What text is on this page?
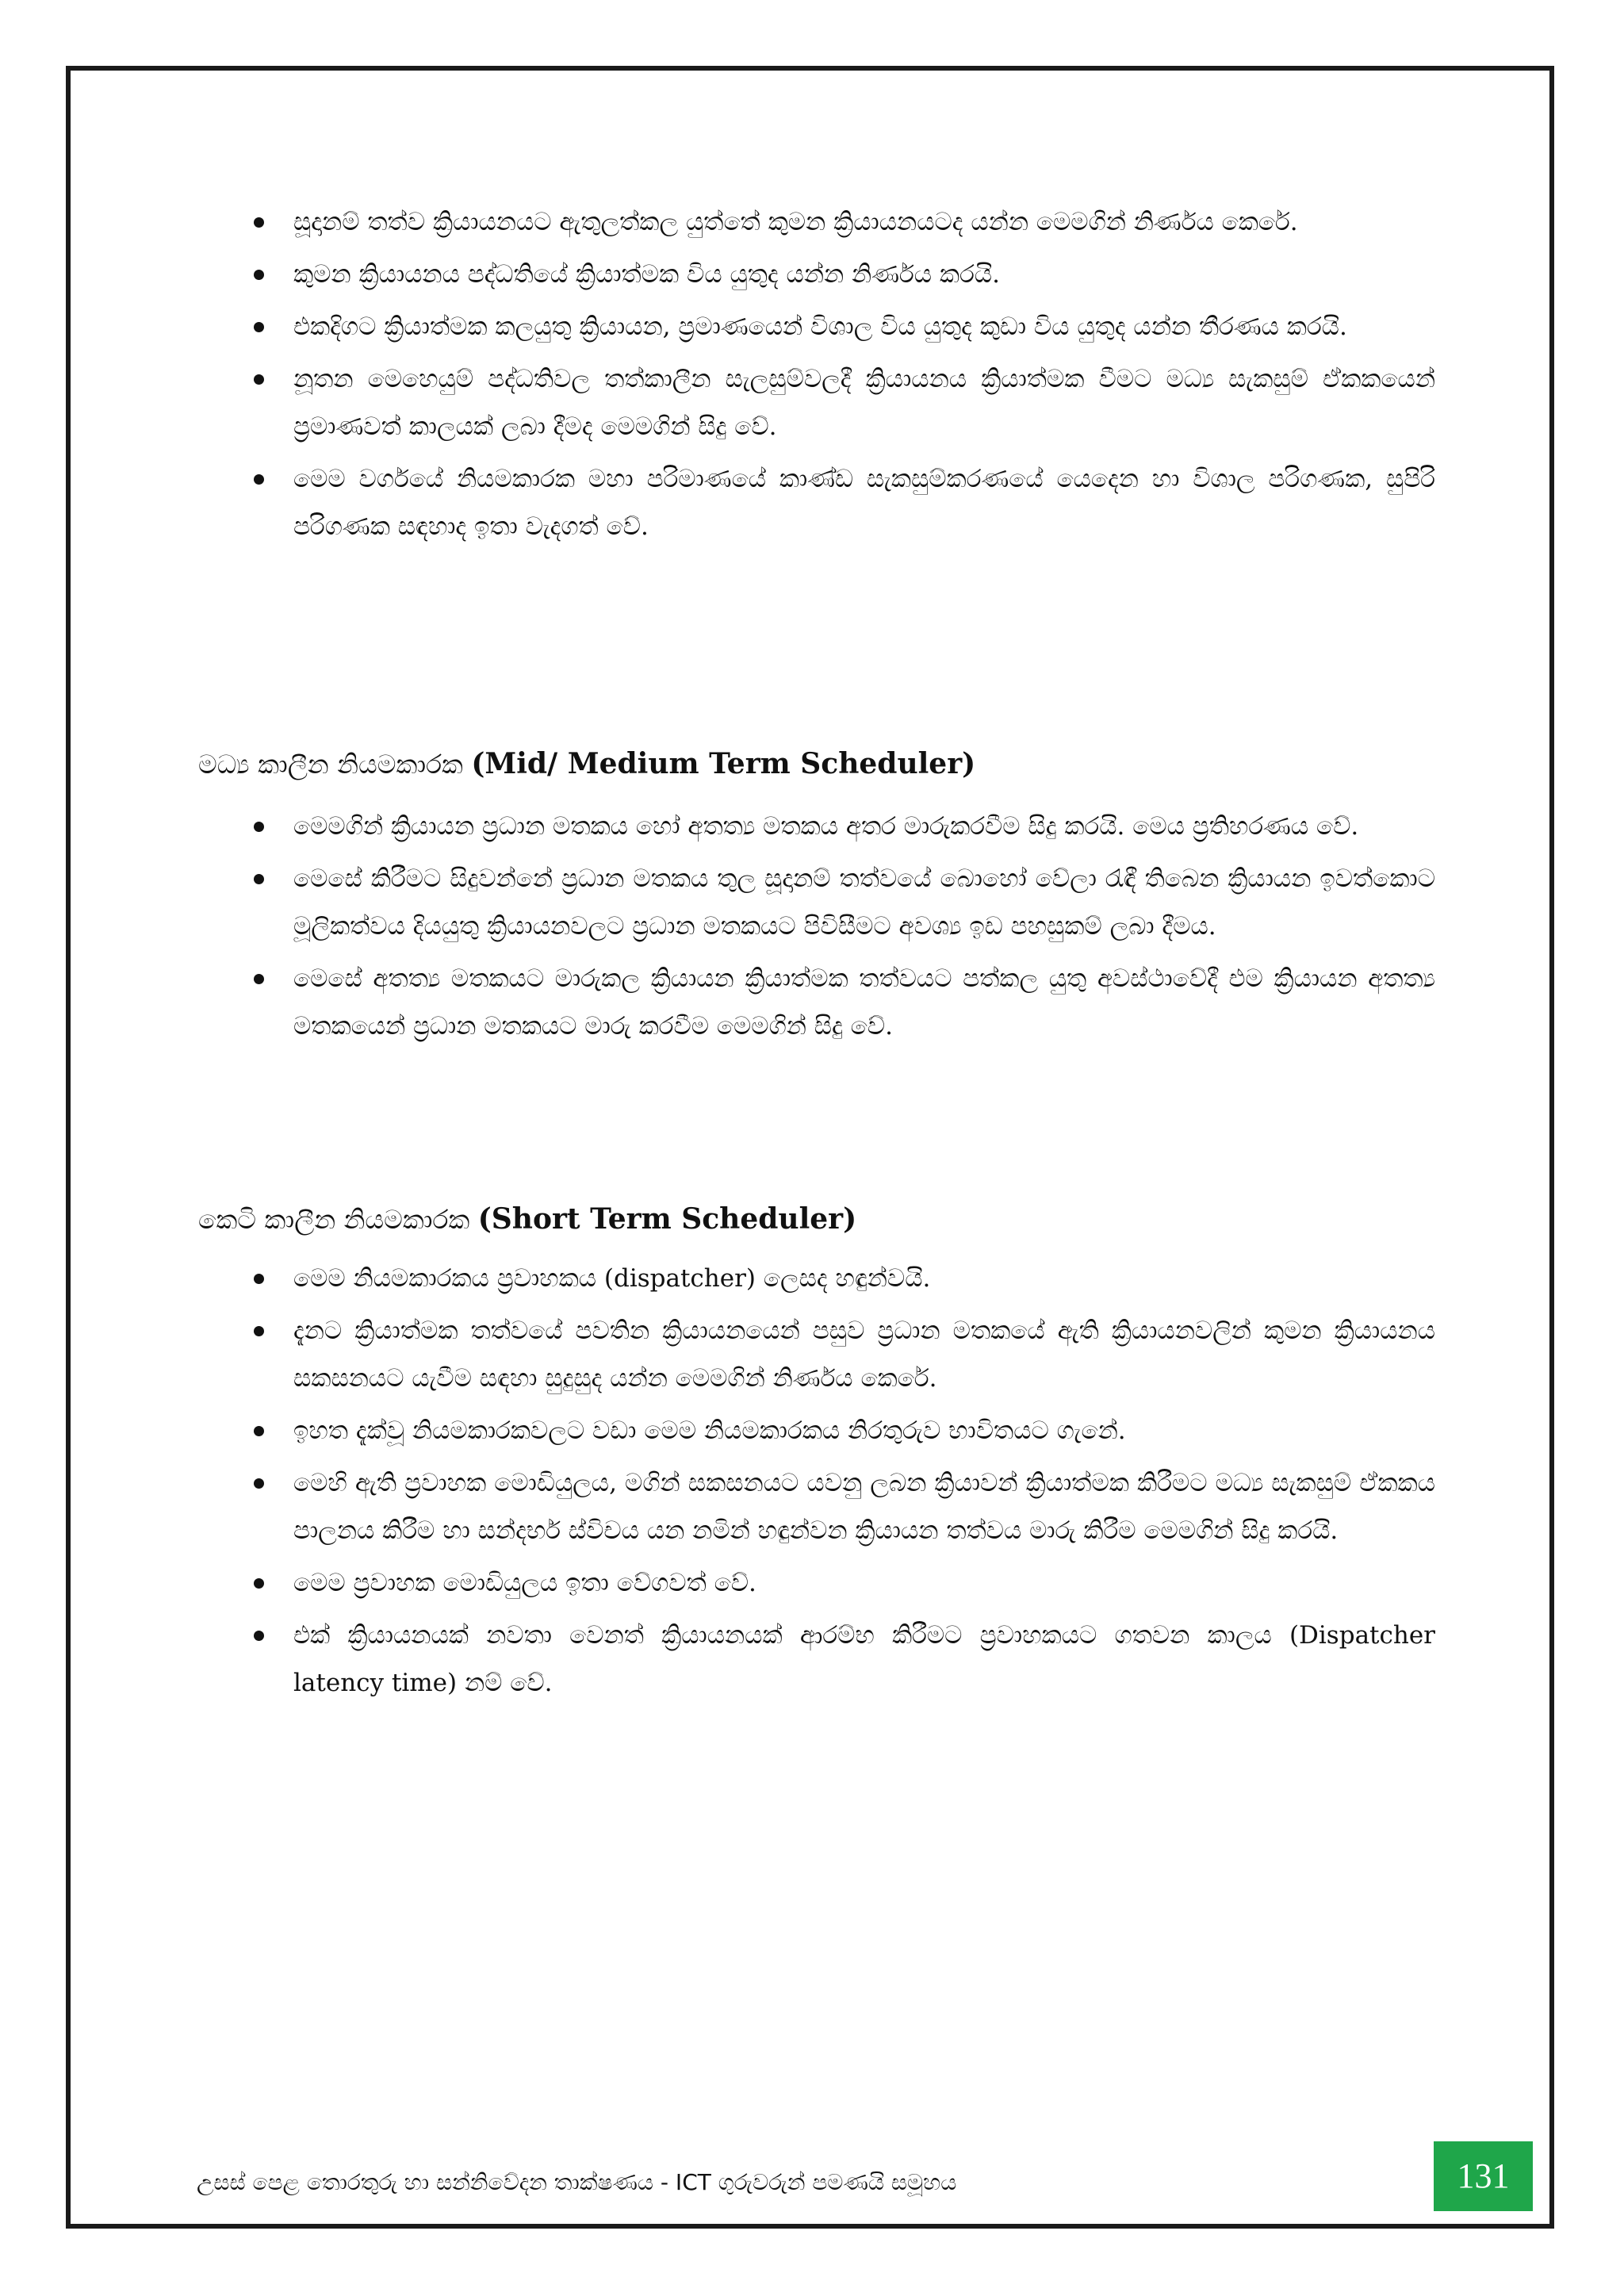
සූදානම් තත්ව ක්‍රියායනයට ඇතුලත්කල යුත්තේ කුමන ක්‍රියායනයටද යන්න මෙමගින් නිර්ණය කෙරේ.
කුමන ක්‍රියායනය පද්ධතියේ ක්‍රියාත්මක විය යුතුද යන්න නිර්ණය කරයි.
එකදිගට ක්‍රියාත්මක කලයුතු ක්‍රියායන, ප්‍රමාණයෙන් විශාල විය යුතුද කුඩා විය යුතුද යන්න තීරණය කරයි.
නූතන මෙහෙයුම් පද්ධතිවල තත්කාලීන සැලසුම්වලදී ක්‍රියායනය ක්‍රියාත්මක වීමට මධ්‍ය සැකසුම් ඒකකයෙන් ප්‍රමාණවත් කාලයක් ලබා දීමද මෙමගින් සිදු වේ.
මෙම වර්ගයේ නියමකාරක මහා පරිමාණයේ කාණ්ඩ සැකසුම්කරණයේ යෙදෙන හා විශාල පරිගණක, සුපිරි පරිගණක සඳහාද ඉතා වැදගත් වේ.
මධ්‍ය කාලීන නියමකාරක (Mid/ Medium Term Scheduler)
මෙමගින් ක්‍රියායන ප්‍රධාන මතකය හෝ අතත්‍ය මතකය අතර මාරුකරවීම සිදු කරයි. මෙය ප්‍රතිහරණය වේ.
මෙසේ කිරීමට සිදුවන්නේ ප්‍රධාන මතකය තුල සූදානම් තත්වයේ බොහෝ වේලා රැඳී තිබෙන ක්‍රියායන ඉවත්කොට මූලිකත්වය දියයුතු ක්‍රියායනවලට ප්‍රධාන මතකයට පිවිසීමට අවශ්‍ය ඉඩ පහසුකම් ලබා දීමය.
මෙසේ අතත්‍ය මතකයට මාරුකල ක්‍රියායන ක්‍රියාත්මක තත්වයට පත්කල යුතු අවස්ථාවේදී එම ක්‍රියායන අතත්‍ය මතකයෙන් ප්‍රධාන මතකයට මාරු කරවීම මෙමගින් සිදු වේ.
කෙටි කාලීන නියමකාරක (Short Term Scheduler)
මෙම නියමකාරකය ප්‍රවාහකය (dispatcher) ලෙසද හඳුන්වයි.
දැනට ක්‍රියාත්මක තත්වයේ පවතින ක්‍රියායනයෙන් පසුව ප්‍රධාන මතකයේ ඇති ක්‍රියායනවලින් කුමන ක්‍රියායනය සකසනයට යැවීම සඳහා සුදුසුද යන්න මෙමගින් නිර්ණය කෙරේ.
ඉහත දැක්වූ නියමකාරකවලට වඩා මෙම නියමකාරකය නිරතුරුව භාවිතයට ගැනේ.
මෙහි ඇති ප්‍රවාහක මොඩියුලය, මගින් සකසනයට යවනු ලබන ක්‍රියාවන් ක්‍රියාත්මක කිරීමට මධ්‍ය සැකසුම් ඒකකය පාලනය කිරීම හා සන්දර්භ ස්විචය යන නමින් හඳුන්වන ක්‍රියායන තත්වය මාරු කිරීම මෙමගින් සිදු කරයි.
මෙම ප්‍රවාහක මොඩියුලය ඉතා වේගවත් වේ.
එක් ක්‍රියායනයක් නවතා වෙනත් ක්‍රියායනයක් ආරම්භ කිරීමට ප්‍රවාහකයට ගතවන කාලය (Dispatcher latency time) නම් වේ.
උසස් පෙළ තොරතුරු හා සන්නිවේදන තාක්ෂණය - ICT ගුරුවරුන් පමණයි සමූහය	131
